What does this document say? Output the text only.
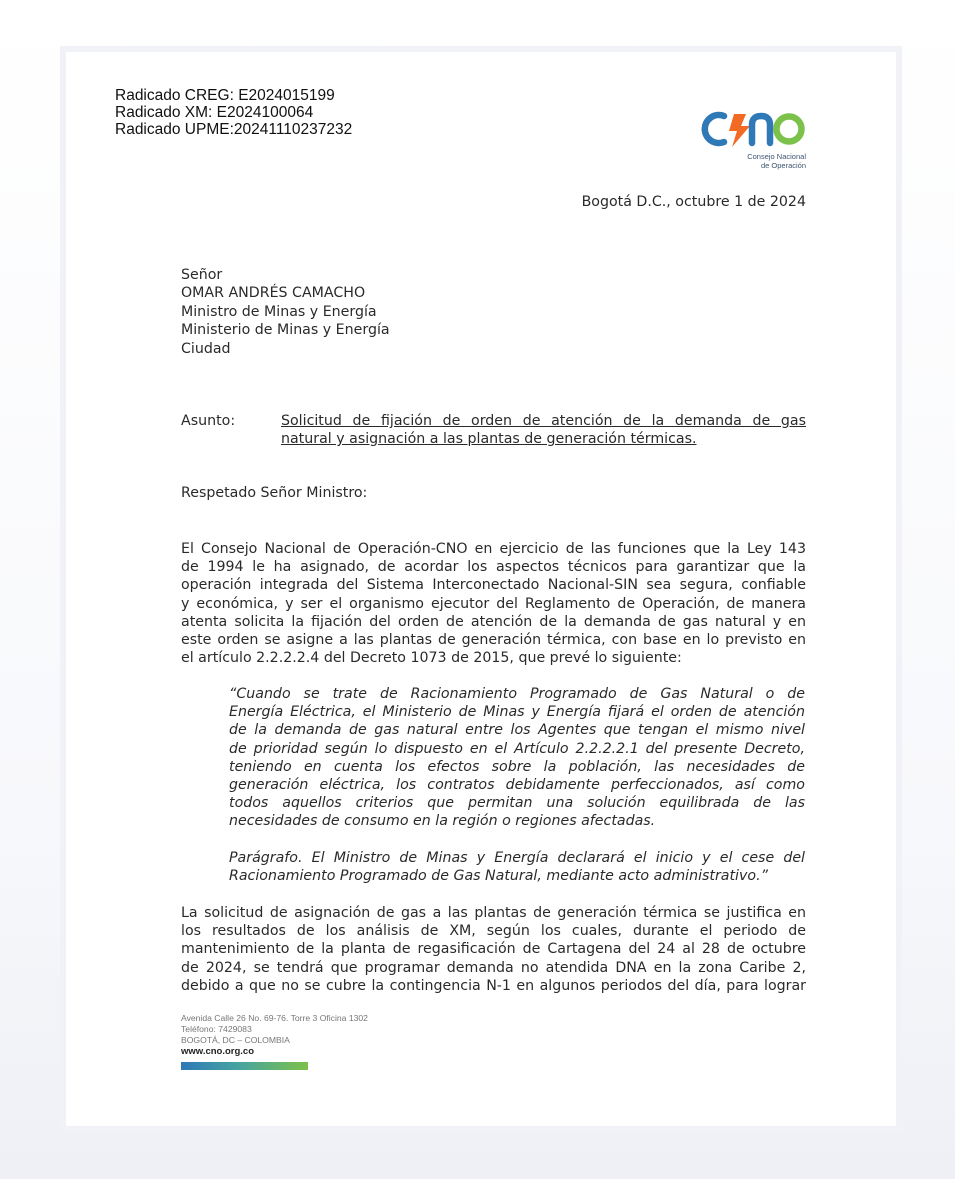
Radicado CREG: E2024015199
Radicado XM: E2024100064
Radicado UPME:20241110237232
Consejo Nacional
de Operación
Bogotá D.C., octubre 1 de 2024
Señor
OMAR ANDRÉS CAMACHO
Ministro de Minas y Energía
Ministerio de Minas y Energía
Ciudad
Asunto:	Solicitud de fijación de orden de atención de la demanda de gas
natural y asignación a las plantas de generación térmicas.
Respetado Señor Ministro:
El Consejo Nacional de Operación-CNO en ejercicio de las funciones que la Ley 143
de 1994 le ha asignado, de acordar los aspectos técnicos para garantizar que la
operación integrada del Sistema Interconectado Nacional-SIN sea segura, confiable
y económica, y ser el organismo ejecutor del Reglamento de Operación, de manera
atenta solicita la fijación del orden de atención de la demanda de gas natural y en
este orden se asigne a las plantas de generación térmica, con base en lo previsto en
el artículo 2.2.2.2.4 del Decreto 1073 de 2015, que prevé lo siguiente:
“Cuando se trate de Racionamiento Programado de Gas Natural o de
Energía Eléctrica, el Ministerio de Minas y Energía fijará el orden de atención
de la demanda de gas natural entre los Agentes que tengan el mismo nivel
de prioridad según lo dispuesto en el Artículo 2.2.2.2.1 del presente Decreto,
teniendo en cuenta los efectos sobre la población, las necesidades de
generación eléctrica, los contratos debidamente perfeccionados, así como
todos aquellos criterios que permitan una solución equilibrada de las
necesidades de consumo en la región o regiones afectadas.
Parágrafo. El Ministro de Minas y Energía declarará el inicio y el cese del
Racionamiento Programado de Gas Natural, mediante acto administrativo.”
La solicitud de asignación de gas a las plantas de generación térmica se justifica en
los resultados de los análisis de XM, según los cuales, durante el periodo de
mantenimiento de la planta de regasificación de Cartagena del 24 al 28 de octubre
de 2024, se tendrá que programar demanda no atendida DNA en la zona Caribe 2,
debido a que no se cubre la contingencia N-1 en algunos periodos del día, para lograr
Avenida Calle 26 No. 69-76. Torre 3 Oficina 1302
Teléfono: 7429083
BOGOTÁ, DC – COLOMBIA
www.cno.org.co
